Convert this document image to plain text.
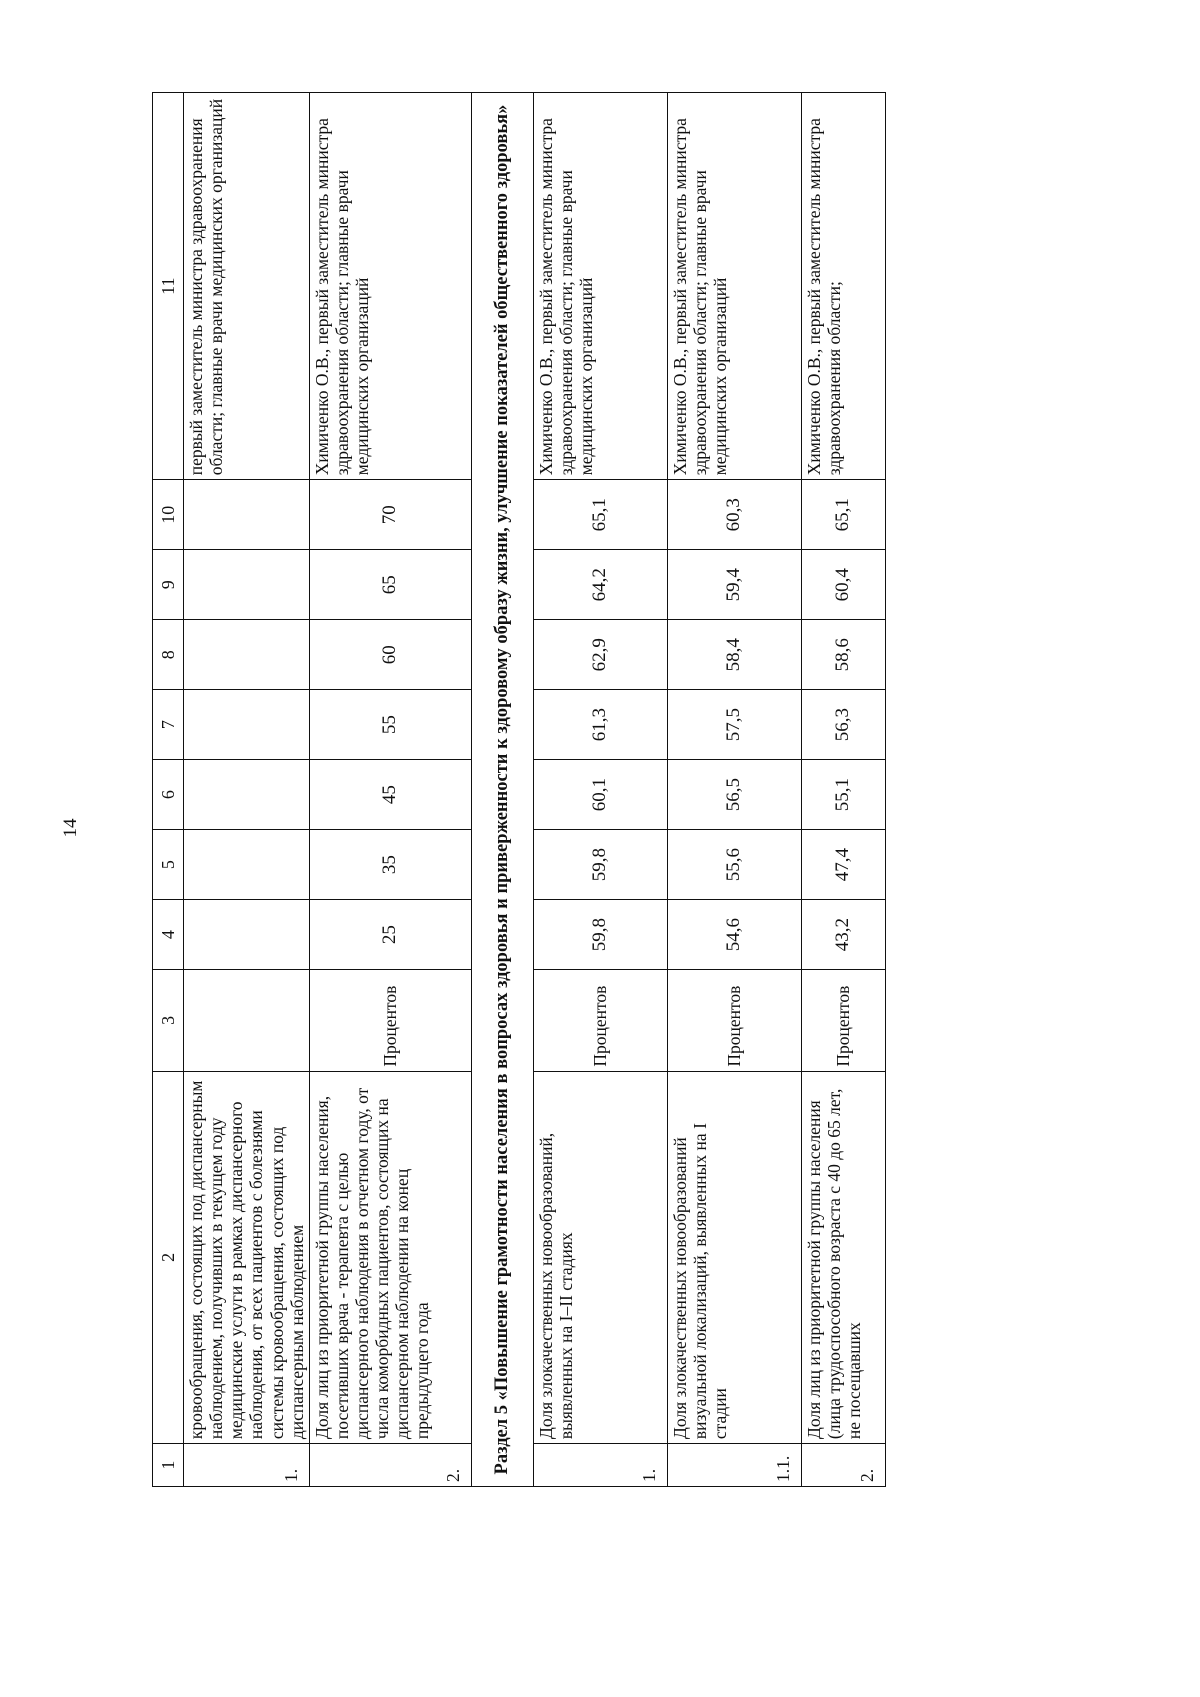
14
1	2	3	4	5	6	7	8	9	10	11
1.	кровообращения, состоящих под диспансерным наблюдением, получивших в текущем году медицинские услуги в рамках диспансерного наблюдения, от всех пациентов с болезнями системы кровообращения, состоящих под диспансерным наблюдением									первый заместитель министра здравоохранения области; главные врачи медицинских организаций
2.	Доля лиц из приоритетной группы населения, посетивших врача - терапевта с целью диспансерного наблюдения в отчетном году, от числа коморбидных пациентов, состоящих на диспансерном наблюдении на конец предыдущего года	Процентов	25	35	45	55	60	65	70	Химиченко О.В., первый заместитель министра здравоохранения области; главные врачи медицинских организаций
Раздел 5 «Повышение грамотности населения в вопросах здоровья и приверженности к здоровому образу жизни, улучшение показателей общественного здоровья»										
1.	Доля злокачественных новообразований, выявленных на I–II стадиях	Процентов	59,8	59,8	60,1	61,3	62,9	64,2	65,1	Химиченко О.В., первый заместитель министра здравоохранения области; главные врачи медицинских организаций
1.1.	Доля злокачественных новообразований визуальной локализаций, выявленных на I стадии	Процентов	54,6	55,6	56,5	57,5	58,4	59,4	60,3	Химиченко О.В., первый заместитель министра здравоохранения области; главные врачи медицинских организаций
2.	Доля лиц из приоритетной группы населения (лица трудоспособного возраста с 40 до 65 лет, не посещавших	Процентов	43,2	47,4	55,1	56,3	58,6	60,4	65,1	Химиченко О.В., первый заместитель министра здравоохранения области;
